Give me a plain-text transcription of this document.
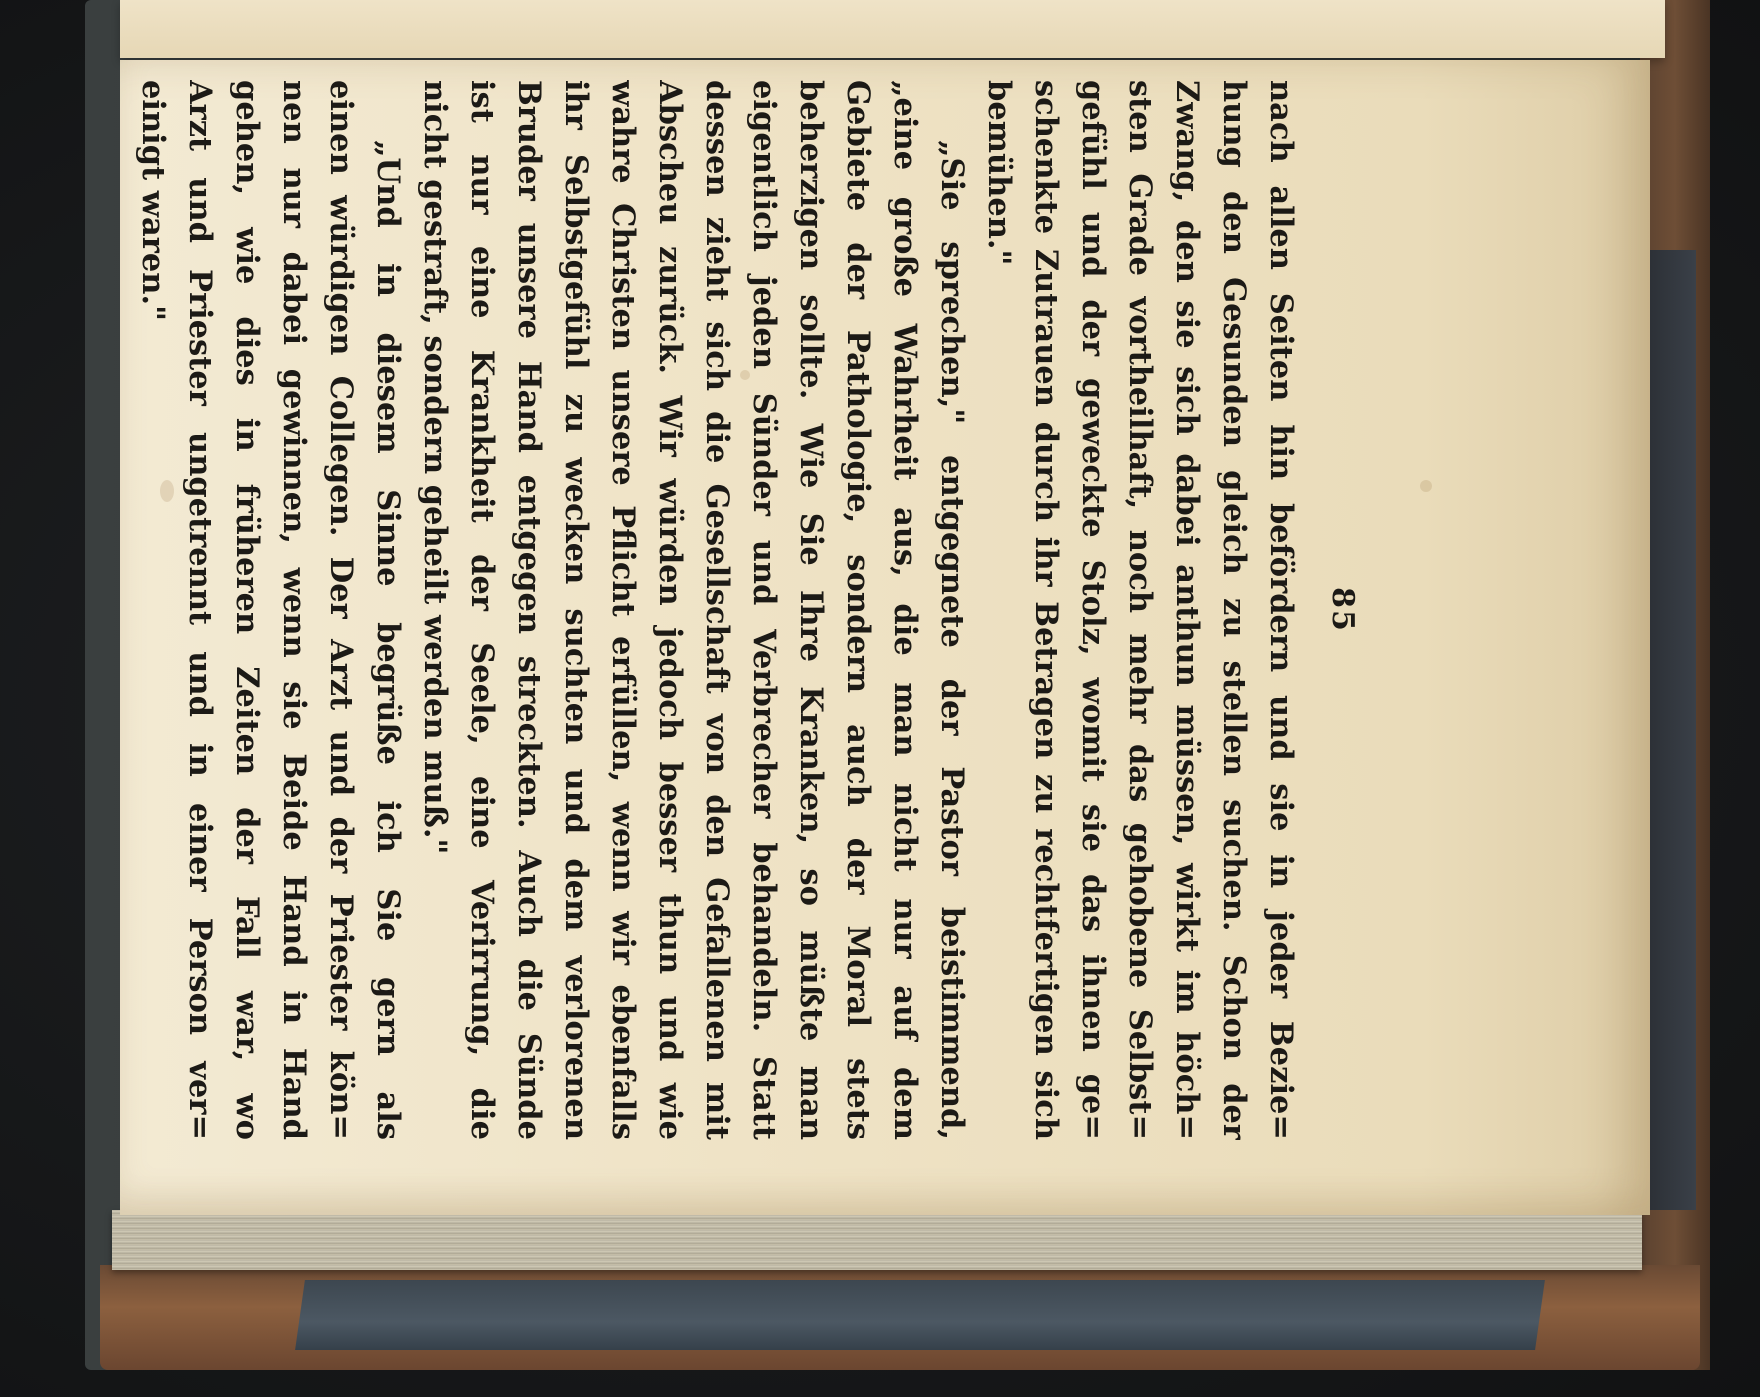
85
nach allen Seiten hin befördern und sie in jeder Bezie=
hung den Gesunden gleich zu stellen suchen. Schon der
Zwang, den sie sich dabei anthun müssen, wirkt im höch=
sten Grade vortheilhaft, noch mehr das gehobene Selbst=
gefühl und der geweckte Stolz, womit sie das ihnen ge=
schenkte Zutrauen durch ihr Betragen zu rechtfertigen sich
bemühen."
„Sie sprechen," entgegnete der Pastor beistimmend,
„eine große Wahrheit aus, die man nicht nur auf dem
Gebiete der Pathologie, sondern auch der Moral stets
beherzigen sollte. Wie Sie Ihre Kranken, so müßte man
eigentlich jeden Sünder und Verbrecher behandeln. Statt
dessen zieht sich die Gesellschaft von den Gefallenen mit
Abscheu zurück. Wir würden jedoch besser thun und wie
wahre Christen unsere Pflicht erfüllen, wenn wir ebenfalls
ihr Selbstgefühl zu wecken suchten und dem verlorenen
Bruder unsere Hand entgegen streckten. Auch die Sünde
ist nur eine Krankheit der Seele, eine Verirrung, die
nicht gestraft, sondern geheilt werden muß."
„Und in diesem Sinne begrüße ich Sie gern als
einen würdigen Collegen. Der Arzt und der Priester kön=
nen nur dabei gewinnen, wenn sie Beide Hand in Hand
gehen, wie dies in früheren Zeiten der Fall war, wo
Arzt und Priester ungetrennt und in einer Person ver=
einigt waren."
